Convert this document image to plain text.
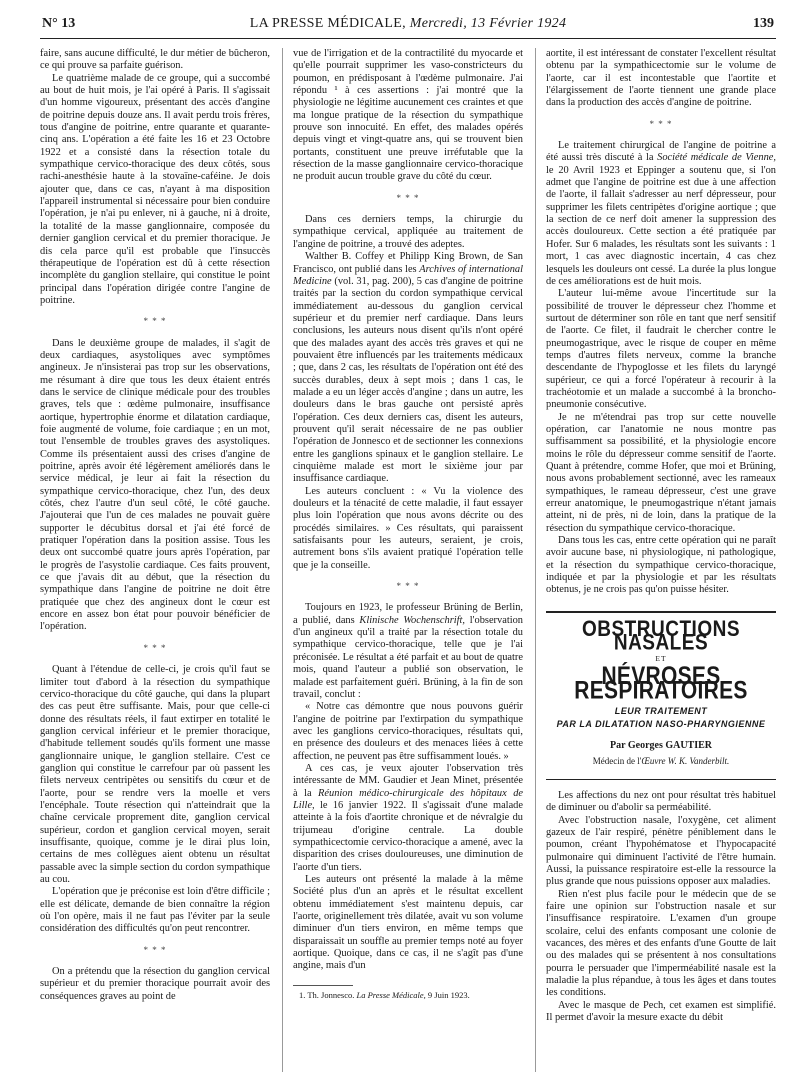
N° 13	LA PRESSE MÉDICALE, Mercredi, 13 Février 1924	139

faire, sans aucune difficulté, le dur métier de bûcheron, ce qui prouve sa parfaite guérison.

Le quatrième malade de ce groupe, qui a succombé au bout de huit mois, je l'ai opéré à Paris. Il s'agissait d'un homme vigoureux, présentant des accès d'angine de poitrine depuis douze ans. Il avait perdu trois frères, tous d'angine de poitrine, entre quarante et quarante-cinq ans. L'opération a été faite les 16 et 23 Octobre 1922 et a consisté dans la résection totale du sympathique cervico-thoracique des deux côtés, sous rachi-anesthésie haute à la stovaïne-caféine. Je dois ajouter que, dans ce cas, n'ayant à ma disposition l'appareil instrumental si nécessaire pour bien conduire l'opération, je n'ai pu enlever, ni à gauche, ni à droite, la totalité de la masse ganglionnaire, composée du dernier ganglion cervical et du premier thoracique. Je dis cela parce qu'il est probable que l'insuccès thérapeutique de l'opération est dû à cette résection incomplète du ganglion stellaire, qui constitue le point principal dans l'opération dirigée contre l'angine de poitrine.

* * *

Dans le deuxième groupe de malades, il s'agit de deux cardiaques, asystoliques avec symptômes angineux. Je n'insisterai pas trop sur les observations, me résumant à dire que tous les deux étaient entrés dans le service de clinique médicale pour des troubles graves, tels que : œdème pulmonaire, insuffisance aortique, hypertrophie énorme et dilatation cardiaque, foie augmenté de volume, foie cardiaque ; en un mot, tout l'ensemble de troubles graves des asystoliques. Comme ils présentaient aussi des crises d'angine de poitrine, après avoir été légèrement améliorés dans le service médical, je leur ai fait la résection du sympathique cervico-thoracique, chez l'un, des deux côtés, chez l'autre d'un seul côté, le côté gauche. J'ajouterai que l'un de ces malades ne pouvait guère supporter le décubitus dorsal et j'ai été forcé de pratiquer l'opération dans la position assise. Tous les deux ont succombé quatre jours après l'opération, par le progrès de l'asystolie cardiaque. Ces faits prouvent, ce que j'avais dit au début, que la résection du sympathique dans l'angine de poitrine ne doit être pratiquée que chez des angineux dont le cœur est encore en assez bon état pour pouvoir bénéficier de l'opération.

* * *

Quant à l'étendue de celle-ci, je crois qu'il faut se limiter tout d'abord à la résection du sympathique cervico-thoracique du côté gauche, qui dans la plupart des cas peut être suffisante. Mais, pour que celle-ci donne des résultats réels, il faut extirper en totalité le ganglion cervical inférieur et le premier thoracique, d'habitude tellement soudés qu'ils forment une masse ganglionnaire unique, le ganglion stellaire. C'est ce ganglion qui constitue le carrefour par où passent les filets nerveux centripètes ou sensitifs du cœur et de l'aorte, pour se rendre vers la moelle et vers l'encéphale. Toute résection qui n'atteindrait que la chaîne cervicale proprement dite, ganglion cervical supérieur, cordon et ganglion cervical moyen, serait insuffisante, quoique, comme je le dirai plus loin, certains de mes collègues aient obtenu un résultat passable avec la simple section du cordon sympathique au cou.

L'opération que je préconise est loin d'être difficile ; elle est délicate, demande de bien connaître la région où l'on opère, mais il ne faut pas l'éviter par la seule considération des difficultés qu'on peut rencontrer.

* * *

On a prétendu que la résection du ganglion cervical supérieur et du premier thoracique pourrait avoir des conséquences graves au point de

vue de l'irrigation et de la contractilité du myocarde et qu'elle pourrait supprimer les vaso-constricteurs du poumon, en prédisposant à l'œdème pulmonaire. J'ai répondu ¹ à ces assertions : j'ai montré que la physiologie ne légitime aucunement ces craintes et que ma longue pratique de la résection du sympathique prouve son innocuité. En effet, des malades opérés depuis vingt et vingt-quatre ans, qui se trouvent bien portants, constituent une preuve irréfutable que la résection de la masse ganglionnaire cervico-thoracique ne produit aucun trouble grave du côté du cœur.

* * *

Dans ces derniers temps, la chirurgie du sympathique cervical, appliquée au traitement de l'angine de poitrine, a trouvé des adeptes.

Walther B. Coffey et Philipp King Brown, de San Francisco, ont publié dans les Archives of international Medicine (vol. 31, pag. 200), 5 cas d'angine de poitrine traités par la section du cordon sympathique cervical immédiatement au-dessous du ganglion cervical supérieur et du premier nerf cardiaque. Dans leurs conclusions, les auteurs nous disent qu'ils n'ont opéré que des malades ayant des accès très graves et qui ne pouvaient être influencés par les traitements médicaux ; que, dans 2 cas, les résultats de l'opération ont été des succès durables, deux à sept mois ; dans 1 cas, le malade a eu un léger accès d'angine ; dans un autre, les douleurs dans le bras gauche ont persisté après l'opération. Ces deux derniers cas, disent les auteurs, prouvent qu'il serait nécessaire de ne pas oublier l'opération de Jonnesco et de sectionner les connexions entre les ganglions spinaux et le ganglion stellaire. Le cinquième malade est mort le sixième jour par insuffisance cardiaque.

Les auteurs concluent : « Vu la violence des douleurs et la ténacité de cette maladie, il faut essayer plus loin l'opération que nous avons décrite ou des procédés similaires. » Ces résultats, qui paraissent satisfaisants pour les auteurs, seraient, je crois, autrement bons s'ils avaient pratiqué l'opération telle que je la conseille.

* * *

Toujours en 1923, le professeur Brüning de Berlin, a publié, dans Klinische Wochenschrift, l'observation d'un angineux qu'il a traité par la résection totale du sympathique cervico-thoracique, telle que je l'ai préconisée. Le résultat a été parfait et au bout de quatre mois, quand l'auteur a publié son observation, le malade est parfaitement guéri. Brüning, à la fin de son travail, conclut :

« Notre cas démontre que nous pouvons guérir l'angine de poitrine par l'extirpation du sympathique avec les ganglions cervico-thoraciques, résultats qui, en présence des douleurs et des menaces liées à cette affection, ne peuvent pas être suffisamment loués. »

A ces cas, je veux ajouter l'observation très intéressante de MM. Gaudier et Jean Minet, présentée à la Réunion médico-chirurgicale des hôpitaux de Lille, le 16 janvier 1922. Il s'agissait d'une malade atteinte à la fois d'aortite chronique et de névralgie du trijumeau d'origine centrale. La double sympathicectomie cervico-thoracique a amené, avec la disparition des crises douloureuses, une diminution de l'aorte d'un tiers.

Les auteurs ont présenté la malade à la même Société plus d'un an après et le résultat excellent obtenu immédiatement s'est maintenu depuis, car l'aorte, originellement très dilatée, avait vu son volume diminuer d'un tiers environ, en même temps que disparaissait un souffle au premier temps noté au foyer aortique. Quoique, dans ce cas, il ne s'agît pas d'une angine, mais d'un

1. Th. Jonnesco. La Presse Médicale, 9 Juin 1923.

aortite, il est intéressant de constater l'excellent résultat obtenu par la sympathicectomie sur le volume de l'aorte, car il est incontestable que l'aortite et l'élargissement de l'aorte tiennent une grande place dans la production des accès d'angine de poitrine.

* * *

Le traitement chirurgical de l'angine de poitrine a été aussi très discuté à la Société médicale de Vienne, le 20 Avril 1923 et Eppinger a soutenu que, si l'on admet que l'angine de poitrine est due à une affection de l'aorte, il fallait s'adresser au nerf dépresseur, pour supprimer les filets centripètes d'origine aortique ; que la section de ce nerf doit amener la suppression des accès douloureux. Cette section a été pratiquée par Hofer. Sur 6 malades, les résultats sont les suivants : 1 mort, 1 cas avec diagnostic incertain, 4 cas chez lesquels les douleurs ont cessé. La durée la plus longue de ces améliorations est de huit mois.

L'auteur lui-même avoue l'incertitude sur la possibilité de trouver le dépresseur chez l'homme et surtout de déterminer son rôle en tant que nerf sensitif de l'aorte. Ce filet, il faudrait le chercher contre le pneumogastrique, avec le risque de couper en même temps d'autres filets nerveux, comme la branche descendante de l'hypoglosse et les filets du laryngé supérieur, ce qui a forcé l'opérateur à recourir à la trachéotomie et un malade a succombé à la broncho-pneumonie consécutive.

Je ne m'étendrai pas trop sur cette nouvelle opération, car l'anatomie ne nous montre pas suffisamment sa possibilité, et la physiologie encore moins le rôle du dépresseur comme sensitif de l'aorte. Quant à prétendre, comme Hofer, que moi et Brüning, nous avons probablement sectionné, avec les rameaux sympathiques, le rameau dépresseur, c'est une grave erreur anatomique, le pneumogastrique n'étant jamais atteint, ni de près, ni de loin, dans la pratique de la résection du sympathique cervico-thoracique.

Dans tous les cas, entre cette opération qui ne paraît avoir aucune base, ni physiologique, ni pathologique, et la résection du sympathique cervico-thoracique, indiquée et par la physiologie et par les résultats obtenus, je ne crois pas qu'on puisse hésiter.

OBSTRUCTIONS NASALES
ET
NÉVROSES RESPIRATOIRES
LEUR TRAITEMENT
PAR LA DILATATION NASO-PHARYNGIENNE
Par Georges GAUTIER
Médecin de l'Œuvre W. K. Vanderbilt.

Les affections du nez ont pour résultat très habituel de diminuer ou d'abolir sa perméabilité.

Avec l'obstruction nasale, l'oxygène, cet aliment gazeux de l'air respiré, pénètre péniblement dans le poumon, créant l'hypohématose et l'hypocapacité pulmonaire qui diminuent l'activité de l'être humain. Aussi, la puissance respiratoire est-elle la ressource la plus grande que nous puissions opposer aux maladies.

Rien n'est plus facile pour le médecin que de se faire une opinion sur l'obstruction nasale et sur l'insuffisance respiratoire. L'examen d'un groupe scolaire, celui des enfants composant une colonie de vacances, des mères et des enfants d'une Goutte de lait ou des malades qui se présentent à nos consultations pourra le persuader que l'imperméabilité nasale est la maladie la plus répandue, à tous les âges et dans toutes les conditions.

Avec le masque de Pech, cet examen est simplifié. Il permet d'avoir la mesure exacte du débit
